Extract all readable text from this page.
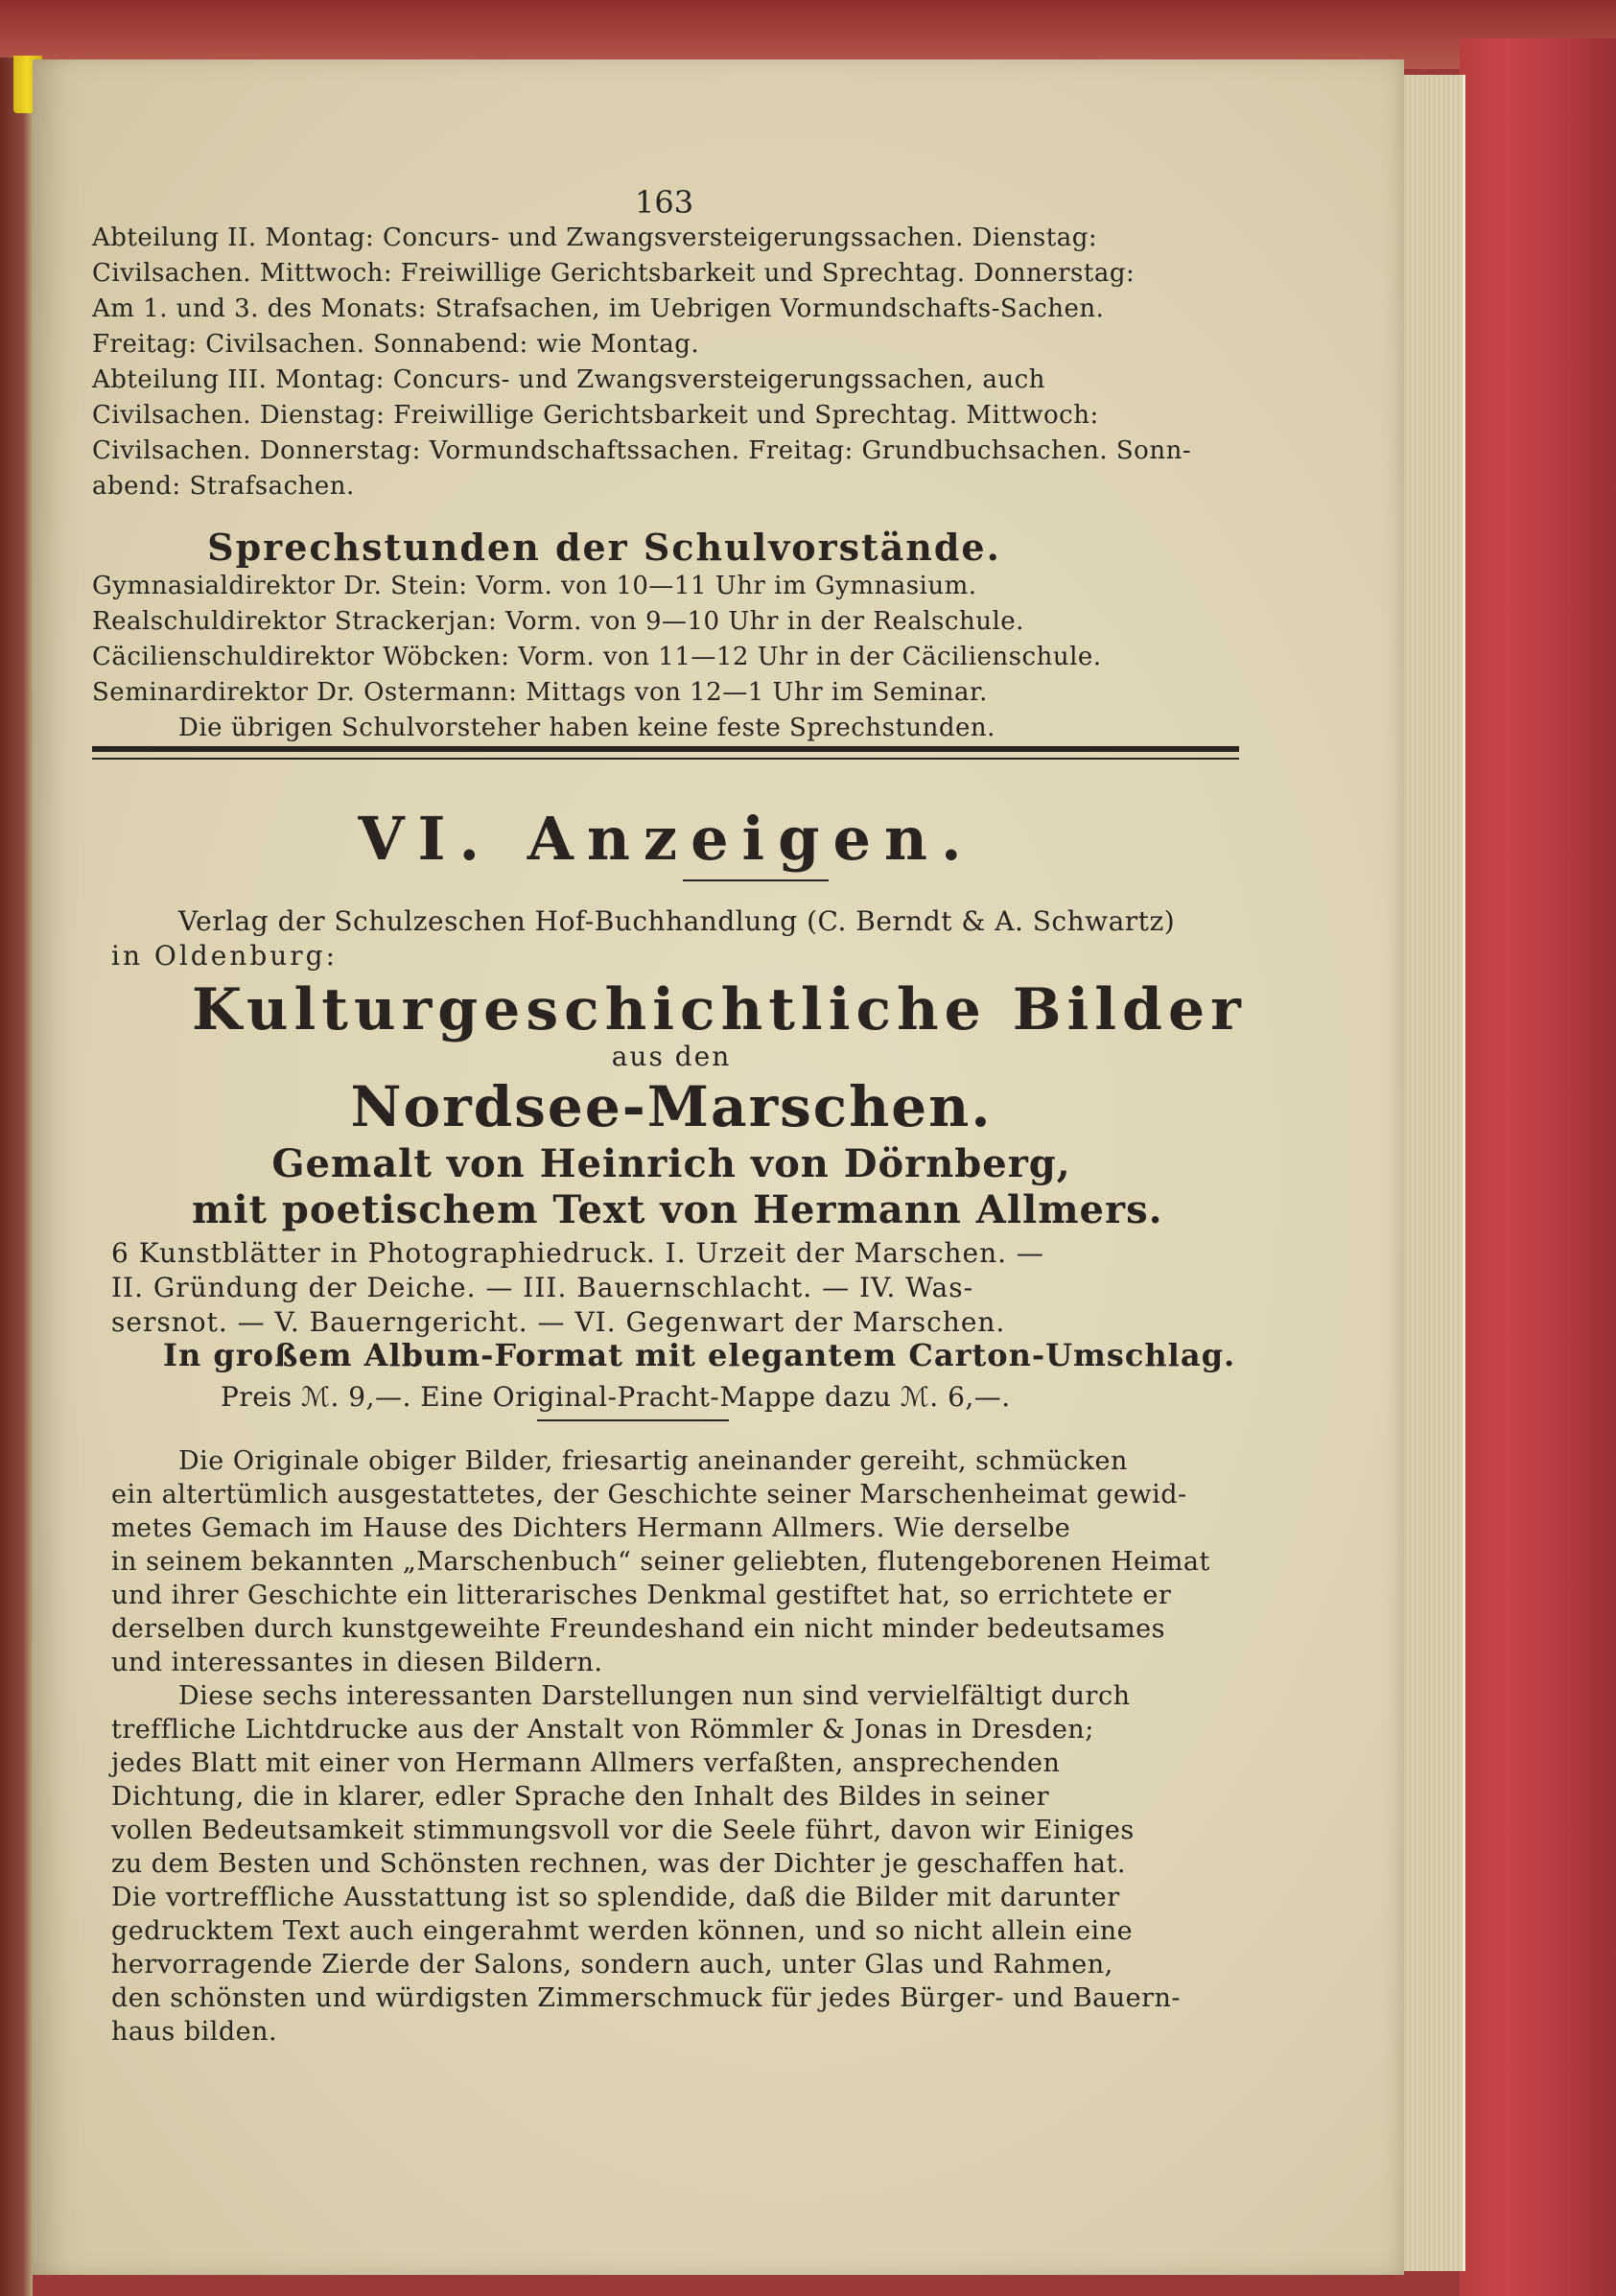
163
Abteilung II. Montag: Concurs- und Zwangsversteigerungssachen. Dienstag:
Civilsachen. Mittwoch: Freiwillige Gerichtsbarkeit und Sprechtag. Donnerstag:
Am 1. und 3. des Monats: Strafsachen, im Uebrigen Vormundschafts-Sachen.
Freitag: Civilsachen. Sonnabend: wie Montag.
Abteilung III. Montag: Concurs- und Zwangsversteigerungssachen, auch
Civilsachen. Dienstag: Freiwillige Gerichtsbarkeit und Sprechtag. Mittwoch:
Civilsachen. Donnerstag: Vormundschaftssachen. Freitag: Grundbuchsachen. Sonn-
abend: Strafsachen.
Sprechstunden der Schulvorstände.
Gymnasialdirektor Dr. Stein: Vorm. von 10—11 Uhr im Gymnasium.
Realschuldirektor Strackerjan: Vorm. von 9—10 Uhr in der Realschule.
Cäcilienschuldirektor Wöbcken: Vorm. von 11—12 Uhr in der Cäcilienschule.
Seminardirektor Dr. Ostermann: Mittags von 12—1 Uhr im Seminar.
Die übrigen Schulvorsteher haben keine feste Sprechstunden.
VI. Anzeigen.
Verlag der Schulzeschen Hof-Buchhandlung (C. Berndt & A. Schwartz)
in Oldenburg:
Kulturgeschichtliche Bilder
aus den
Nordsee-Marschen.
Gemalt von Heinrich von Dörnberg,
mit poetischem Text von Hermann Allmers.
6 Kunstblätter in Photographiedruck. I. Urzeit der Marschen. —
II. Gründung der Deiche. — III. Bauernschlacht. — IV. Was-
sersnot. — V. Bauerngericht. — VI. Gegenwart der Marschen.
In großem Album-Format mit elegantem Carton-Umschlag.
Preis ℳ. 9,—. Eine Original-Pracht-Mappe dazu ℳ. 6,—.
Die Originale obiger Bilder, friesartig aneinander gereiht, schmücken
ein altertümlich ausgestattetes, der Geschichte seiner Marschenheimat gewid-
metes Gemach im Hause des Dichters Hermann Allmers. Wie derselbe
in seinem bekannten „Marschenbuch“ seiner geliebten, flutengeborenen Heimat
und ihrer Geschichte ein litterarisches Denkmal gestiftet hat, so errichtete er
derselben durch kunstgeweihte Freundeshand ein nicht minder bedeutsames
und interessantes in diesen Bildern.
Diese sechs interessanten Darstellungen nun sind vervielfältigt durch
treffliche Lichtdrucke aus der Anstalt von Römmler & Jonas in Dresden;
jedes Blatt mit einer von Hermann Allmers verfaßten, ansprechenden
Dichtung, die in klarer, edler Sprache den Inhalt des Bildes in seiner
vollen Bedeutsamkeit stimmungsvoll vor die Seele führt, davon wir Einiges
zu dem Besten und Schönsten rechnen, was der Dichter je geschaffen hat.
Die vortreffliche Ausstattung ist so splendide, daß die Bilder mit darunter
gedrucktem Text auch eingerahmt werden können, und so nicht allein eine
hervorragende Zierde der Salons, sondern auch, unter Glas und Rahmen,
den schönsten und würdigsten Zimmerschmuck für jedes Bürger- und Bauern-
haus bilden.
